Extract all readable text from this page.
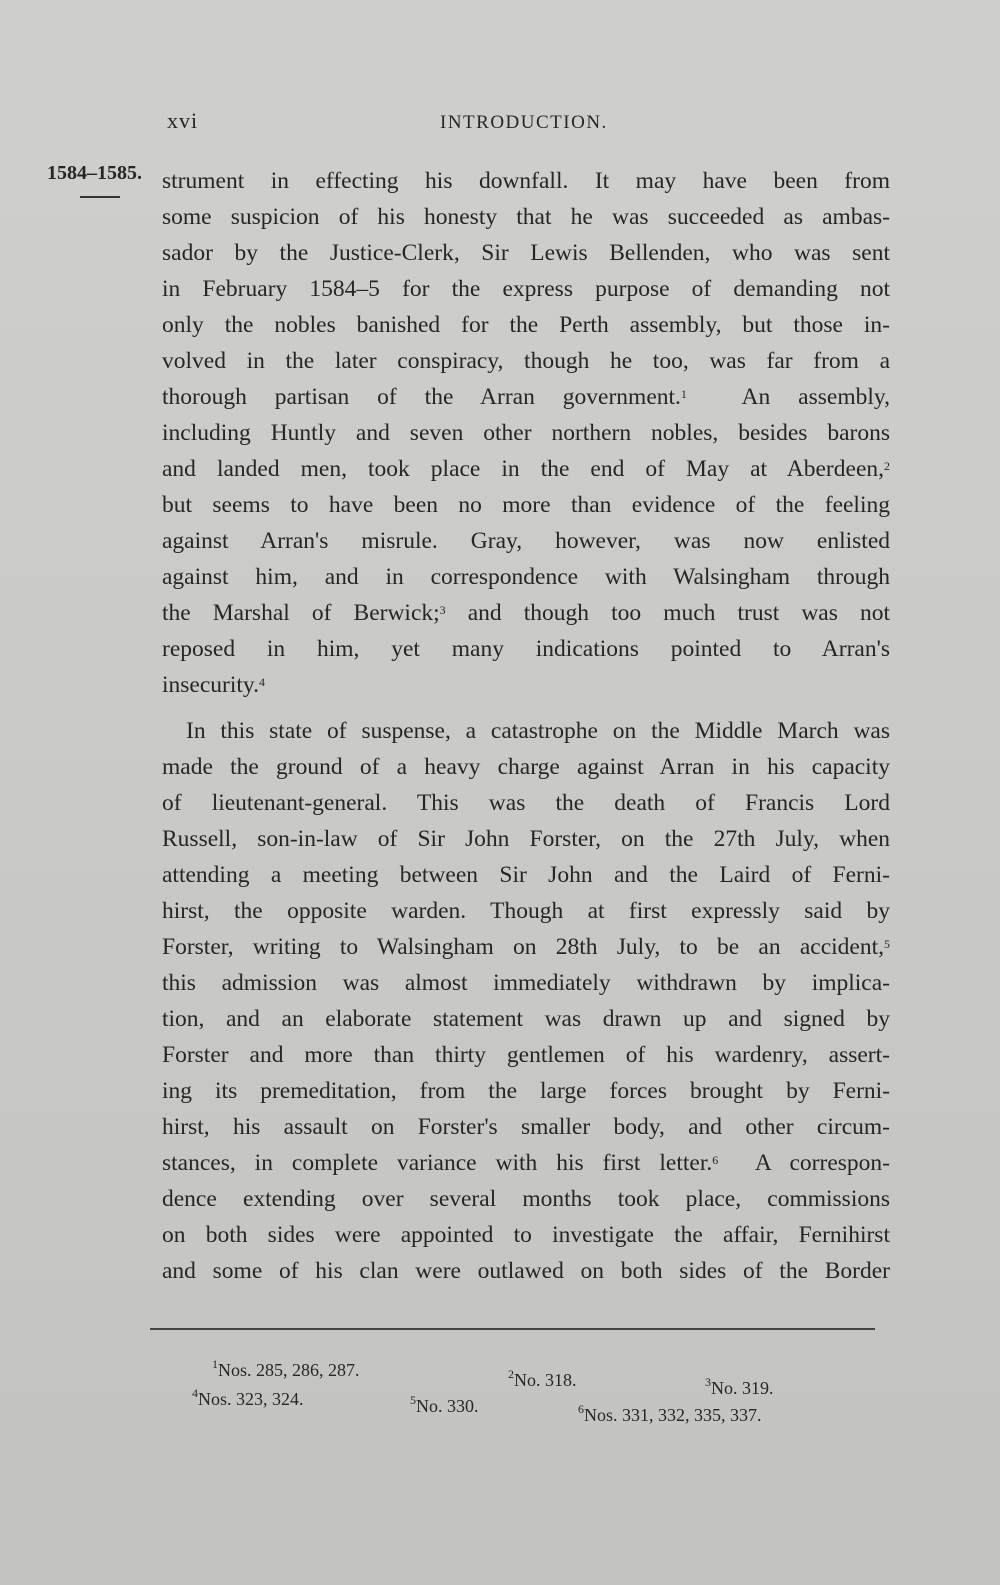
xvi	INTRODUCTION.
1584–1585. strument in effecting his downfall. It may have been from
some suspicion of his honesty that he was succeeded as ambas-
sador by the Justice-Clerk, Sir Lewis Bellenden, who was sent
in February 1584–5 for the express purpose of demanding not
only the nobles banished for the Perth assembly, but those in-
volved in the later conspiracy, though he too, was far from a
thorough partisan of the Arran government.$^1$ An assembly,
including Huntly and seven other northern nobles, besides barons
and landed men, took place in the end of May at Aberdeen,$^2$
but seems to have been no more than evidence of the feeling
against Arran's misrule. Gray, however, was now enlisted
against him, and in correspondence with Walsingham through
the Marshal of Berwick;$^3$ and though too much trust was not
reposed in him, yet many indications pointed to Arran's
insecurity.$^4$
In this state of suspense, a catastrophe on the Middle March was
made the ground of a heavy charge against Arran in his capacity
of lieutenant-general. This was the death of Francis Lord
Russell, son-in-law of Sir John Forster, on the 27th July, when
attending a meeting between Sir John and the Laird of Ferni-
hirst, the opposite warden. Though at first expressly said by
Forster, writing to Walsingham on 28th July, to be an accident,$^5$
this admission was almost immediately withdrawn by implica-
tion, and an elaborate statement was drawn up and signed by
Forster and more than thirty gentlemen of his wardenry, assert-
ing its premeditation, from the large forces brought by Ferni-
hirst, his assault on Forster's smaller body, and other circum-
stances, in complete variance with his first letter.$^6$ A correspon-
dence extending over several months took place, commissions
on both sides were appointed to investigate the affair, Fernihirst
and some of his clan were outlawed on both sides of the Border
$^1$Nos. 285, 286, 287.	$^2$No. 318.	$^3$No. 319.
$^4$Nos. 323, 324.	$^5$No. 330.	$^6$Nos. 331, 332, 335, 337.
